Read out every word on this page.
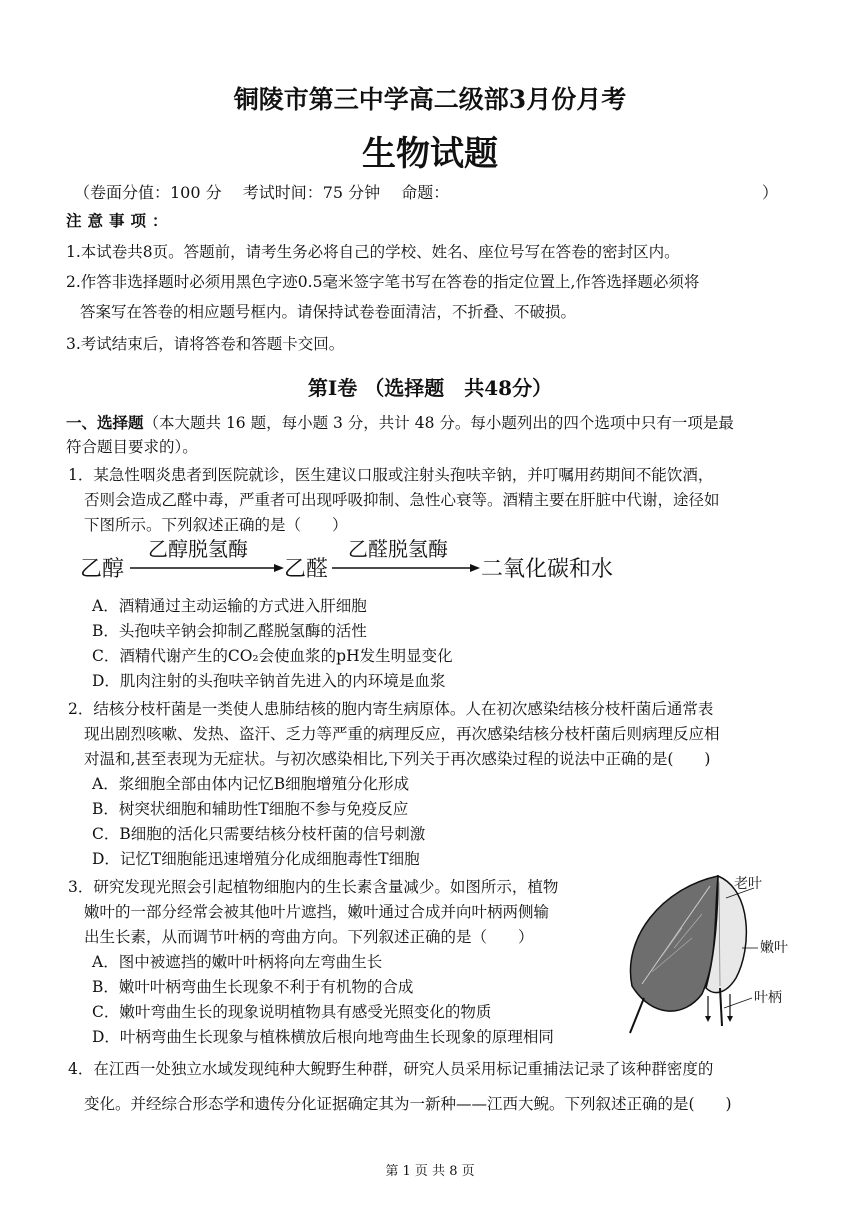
铜陵市第三中学高二级部3月份月考
生物试题
（卷面分值：100 分　 考试时间：75 分钟　 命题：	）
注意事项：
1.本试卷共8页。答题前，请考生务必将自己的学校、姓名、座位号写在答卷的密封区内。
2.作答非选择题时必须用黑色字迹0.5毫米签字笔书写在答卷的指定位置上,作答选择题必须将
答案写在答卷的相应题号框内。请保持试卷卷面清洁，不折叠、不破损。
3.考试结束后，请将答卷和答题卡交回。
第Ⅰ卷 （选择题　共48分）
一、选择题（本大题共 16 题，每小题 3 分，共计 48 分。每小题列出的四个选项中只有一项是最
符合题目要求的）。
1．某急性咽炎患者到医院就诊，医生建议口服或注射头孢呋辛钠，并叮嘱用药期间不能饮酒，
否则会造成乙醛中毒，严重者可出现呼吸抑制、急性心衰等。酒精主要在肝脏中代谢，途径如
下图所示。下列叙述正确的是（　　）
乙醇
乙醇脱氢酶
乙醛
乙醛脱氢酶
二氧化碳和水
A．酒精通过主动运输的方式进入肝细胞
B．头孢呋辛钠会抑制乙醛脱氢酶的活性
C．酒精代谢产生的CO₂会使血浆的pH发生明显变化
D．肌肉注射的头孢呋辛钠首先进入的内环境是血浆
2．结核分枝杆菌是一类使人患肺结核的胞内寄生病原体。人在初次感染结核分枝杆菌后通常表
现出剧烈咳嗽、发热、盗汗、乏力等严重的病理反应，再次感染结核分枝杆菌后则病理反应相
对温和,甚至表现为无症状。与初次感染相比,下列关于再次感染过程的说法中正确的是(　　)
A．浆细胞全部由体内记忆B细胞增殖分化形成
B．树突状细胞和辅助性T细胞不参与免疫反应
C．B细胞的活化只需要结核分枝杆菌的信号刺激
D．记忆T细胞能迅速增殖分化成细胞毒性T细胞
3．研究发现光照会引起植物细胞内的生长素含量减少。如图所示，植物
嫩叶的一部分经常会被其他叶片遮挡，嫩叶通过合成并向叶柄两侧输
出生长素，从而调节叶柄的弯曲方向。下列叙述正确的是（　　）
A．图中被遮挡的嫩叶叶柄将向左弯曲生长
B．嫩叶叶柄弯曲生长现象不利于有机物的合成
C．嫩叶弯曲生长的现象说明植物具有感受光照变化的物质
D．叶柄弯曲生长现象与植株横放后根向地弯曲生长现象的原理相同
老叶
嫩叶
叶柄
4．在江西一处独立水域发现纯种大鲵野生种群，研究人员采用标记重捕法记录了该种群密度的
变化。并经综合形态学和遗传分化证据确定其为一新种——江西大鲵。下列叙述正确的是(　　)
第 1 页 共 8 页
